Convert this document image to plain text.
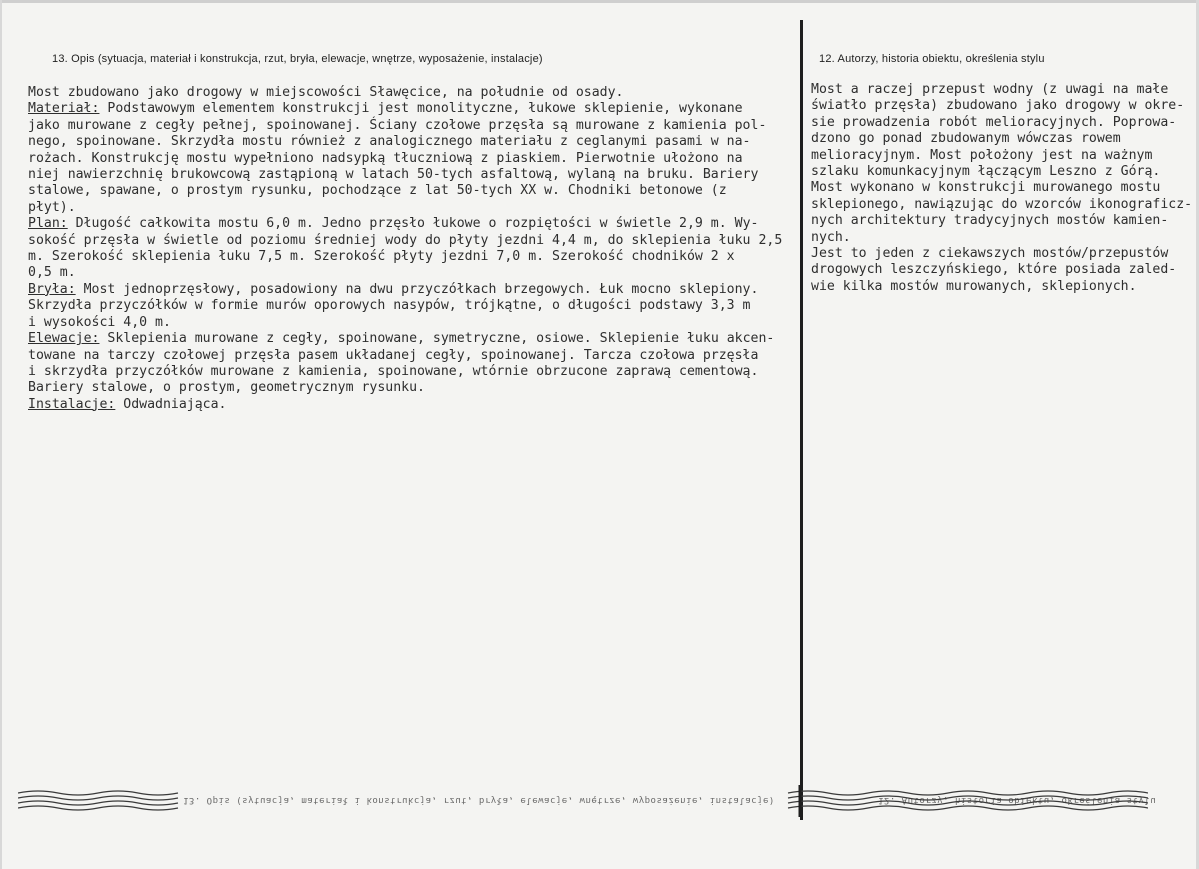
13. Opis (sytuacja, materiał i konstrukcja, rzut, bryła, elewacje, wnętrze, wyposażenie, instalacje)	12. Autorzy, historia obiektu, określenia stylu
Most zbudowano jako drogowy w miejscowości Sławęcice, na południe od osady.
Materiał: Podstawowym elementem konstrukcji jest monolityczne, łukowe sklepienie, wykonane
jako murowane z cegły pełnej, spoinowanej. Ściany czołowe przęsła są murowane z kamienia pol-
nego, spoinowane. Skrzydła mostu również z analogicznego materiału z ceglanymi pasami w na-
rożach. Konstrukcję mostu wypełniono nadsypką tłuczniową z piaskiem. Pierwotnie ułożono na
niej nawierzchnię brukowcową zastąpioną w latach 50-tych asfaltową, wylaną na bruku. Bariery
stalowe, spawane, o prostym rysunku, pochodzące z lat 50-tych XX w. Chodniki betonowe (z
płyt).
Plan: Długość całkowita mostu 6,0 m. Jedno przęsło łukowe o rozpiętości w świetle 2,9 m. Wy-
sokość przęsła w świetle od poziomu średniej wody do płyty jezdni 4,4 m, do sklepienia łuku 2,5
m. Szerokość sklepienia łuku 7,5 m. Szerokość płyty jezdni 7,0 m. Szerokość chodników 2 x
0,5 m.
Bryła: Most jednoprzęsłowy, posadowiony na dwu przyczółkach brzegowych. Łuk mocno sklepiony.
Skrzydła przyczółków w formie murów oporowych nasypów, trójkątne, o długości podstawy 3,3 m
i wysokości 4,0 m.
Elewacje: Sklepienia murowane z cegły, spoinowane, symetryczne, osiowe. Sklepienie łuku akcen-
towane na tarczy czołowej przęsła pasem układanej cegły, spoinowanej. Tarcza czołowa przęsła
i skrzydła przyczółków murowane z kamienia, spoinowane, wtórnie obrzucone zaprawą cementową.
Bariery stalowe, o prostym, geometrycznym rysunku.
Instalacje: Odwadniająca.
Most a raczej przepust wodny (z uwagi na małe
światło przęsła) zbudowano jako drogowy w okre-
sie prowadzenia robót melioracyjnych. Poprowa-
dzono go ponad zbudowanym wówczas rowem
melioracyjnym. Most położony jest na ważnym
szlaku komunkacyjnym łączącym Leszno z Górą.
Most wykonano w konstrukcji murowanego mostu
sklepionego, nawiązując do wzorców ikonograficz-
nych architektury tradycyjnych mostów kamien-
nych.
Jest to jeden z ciekawszych mostów/przepustów
drogowych leszczyńskiego, które posiada zaled-
wie kilka mostów murowanych, sklepionych.
13. Opis (sytuacja, materiał i konstrukcja, rzut, bryła, elewacje, wnętrze, wyposażenie, instalacje)	12. Autorzy, historia obiektu, określenia stylu
